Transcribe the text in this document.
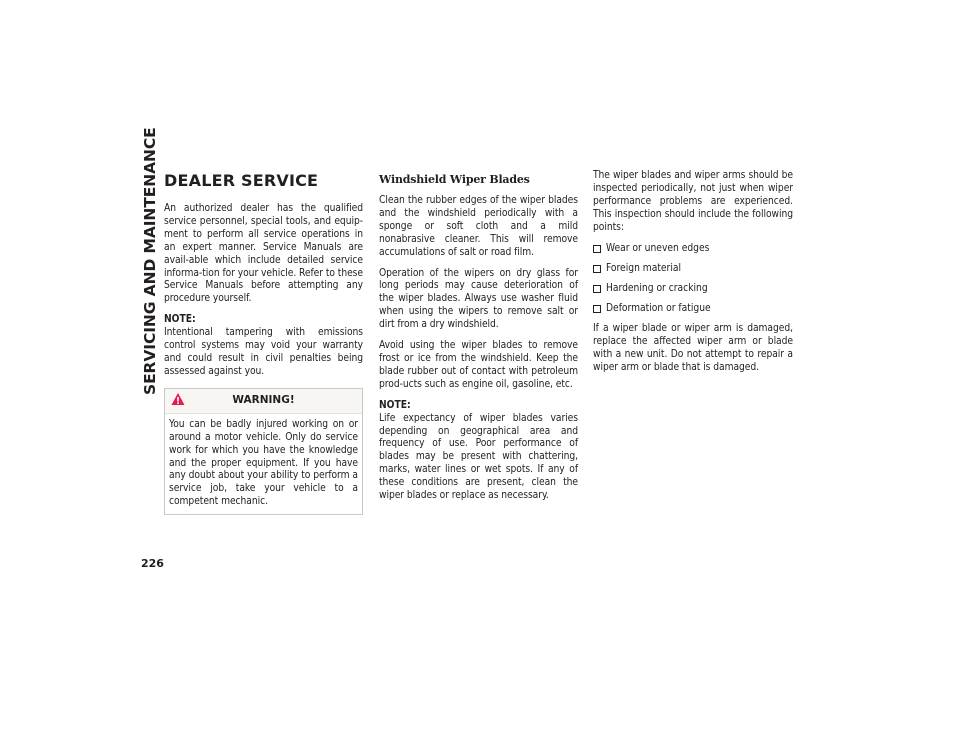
SERVICING AND MAINTENANCE
226
DEALER SERVICE

An authorized dealer has the qualified service personnel, special tools, and equip-ment to perform all service operations in an expert manner. Service Manuals are avail-able which include detailed service informa-tion for your vehicle. Refer to these Service Manuals before attempting any procedure yourself.

NOTE:

Intentional tampering with emissions control systems may void your warranty and could result in civil penalties being assessed against you.

WARNING!

You can be badly injured working on or around a motor vehicle. Only do service work for which you have the knowledge and the proper equipment. If you have any doubt about your ability to perform a service job, take your vehicle to a competent mechanic.

Windshield Wiper Blades

Clean the rubber edges of the wiper blades and the windshield periodically with a sponge or soft cloth and a mild nonabrasive cleaner. This will remove accumulations of salt or road film.

Operation of the wipers on dry glass for long periods may cause deterioration of the wiper blades. Always use washer fluid when using the wipers to remove salt or dirt from a dry windshield.

Avoid using the wiper blades to remove frost or ice from the windshield. Keep the blade rubber out of contact with petroleum prod-ucts such as engine oil, gasoline, etc.

NOTE:

Life expectancy of wiper blades varies depending on geographical area and frequency of use. Poor performance of blades may be present with chattering, marks, water lines or wet spots. If any of these conditions are present, clean the wiper blades or replace as necessary.

The wiper blades and wiper arms should be inspected periodically, not just when wiper performance problems are experienced. This inspection should include the following points:

Wear or uneven edges
Foreign material
Hardening or cracking
Deformation or fatigue

If a wiper blade or wiper arm is damaged, replace the affected wiper arm or blade with a new unit. Do not attempt to repair a wiper arm or blade that is damaged.
